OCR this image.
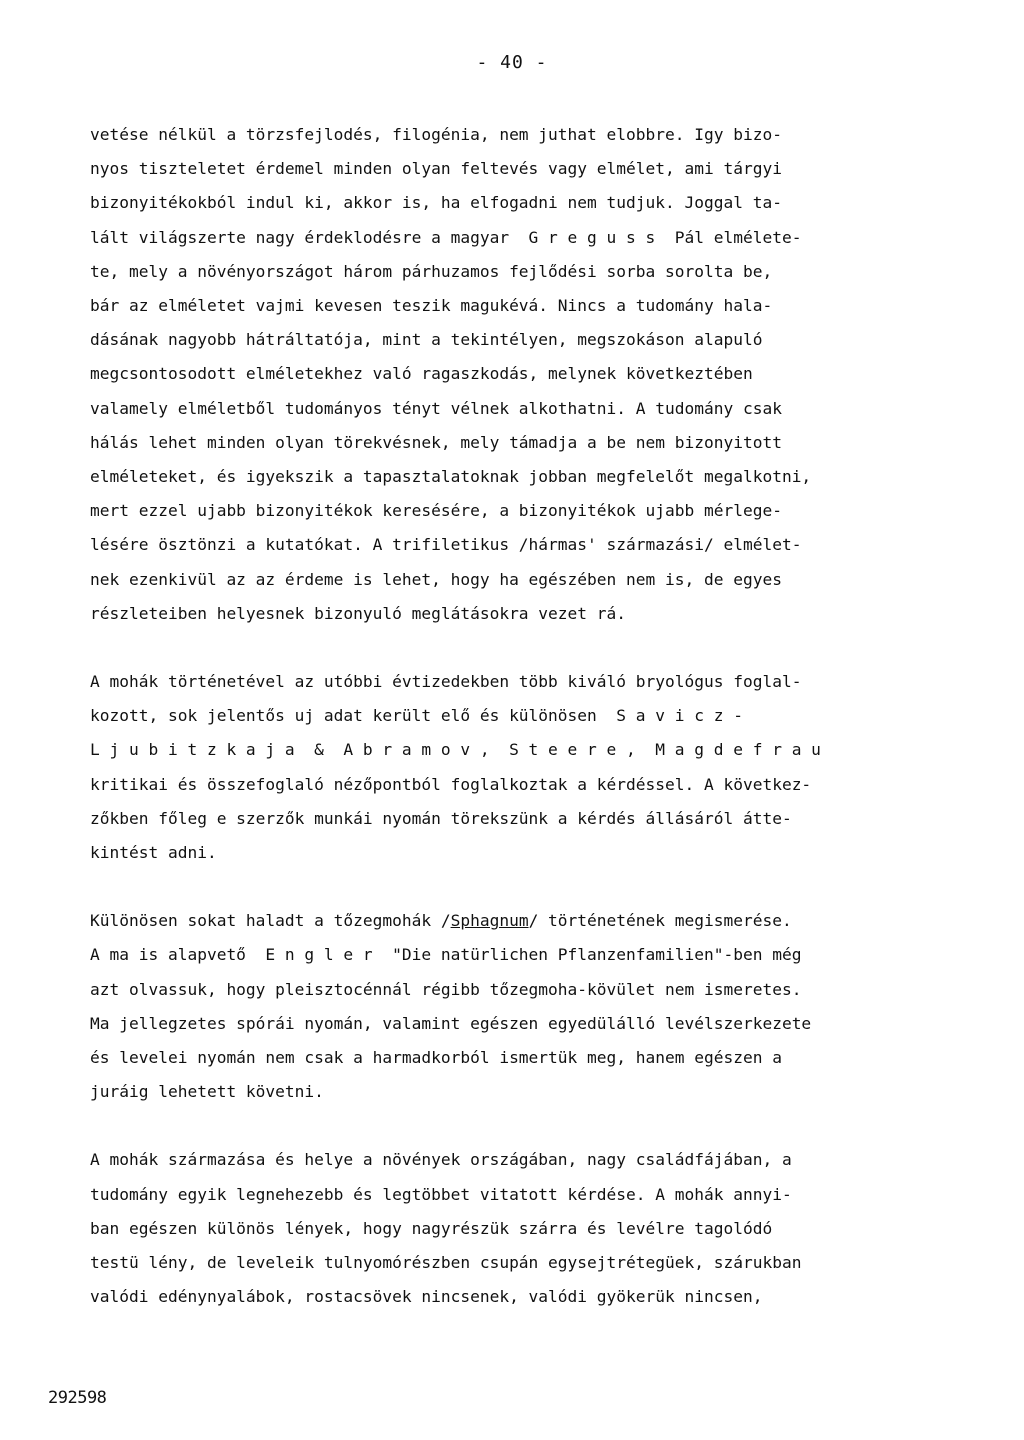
- 40 -

vetése nélkül a törzsfejlodés, filogénia, nem juthat elobbre. Igy bizo-
nyos tiszteletet érdemel minden olyan feltevés vagy elmélet, ami tárgyi
bizonyitékokból indul ki, akkor is, ha elfogadni nem tudjuk. Joggal ta-
lált világszerte nagy érdeklodésre a magyar  G r e g u s s  Pál elmélete-
te, mely a növényországot három párhuzamos fejlődési sorba sorolta be,
bár az elméletet vajmi kevesen teszik magukévá. Nincs a tudomány hala-
dásának nagyobb hátráltatója, mint a tekintélyen, megszokáson alapuló
megcsontosodott elméletekhez való ragaszkodás, melynek következtében
valamely elméletből tudományos tényt vélnek alkothatni. A tudomány csak
hálás lehet minden olyan törekvésnek, mely támadja a be nem bizonyitott
elméleteket, és igyekszik a tapasztalatoknak jobban megfelelőt megalkotni,
mert ezzel ujabb bizonyitékok keresésére, a bizonyitékok ujabb mérlege-
lésére ösztönzi a kutatókat. A trifiletikus /hármas' származási/ elmélet-
nek ezenkivül az az érdeme is lehet, hogy ha egészében nem is, de egyes
részleteiben helyesnek bizonyuló meglátásokra vezet rá.

A mohák történetével az utóbbi évtizedekben több kiváló bryológus foglal-
kozott, sok jelentős uj adat került elő és különösen  S a v i c z -
L j u b i t z k a j a  &  A b r a m o v ,  S t e e r e ,  M a g d e f r a u
kritikai és összefoglaló nézőpontból foglalkoztak a kérdéssel. A következ-
zőkben főleg e szerzők munkái nyomán törekszünk a kérdés állásáról átte-
kintést adni.

Különösen sokat haladt a tőzegmohák /Sphagnum/ történetének megismerése.
A ma is alapvető  E n g l e r  "Die natürlichen Pflanzenfamilien"-ben még
azt olvassuk, hogy pleisztocénnál régibb tőzegmoha-kövület nem ismeretes.
Ma jellegzetes spórái nyomán, valamint egészen egyedülálló levélszerkezete
és levelei nyomán nem csak a harmadkorból ismertük meg, hanem egészen a
juráig lehetett követni.

A mohák származása és helye a növények országában, nagy családfájában, a
tudomány egyik legnehezebb és legtöbbet vitatott kérdése. A mohák annyi-
ban egészen különös lények, hogy nagyrészük szárra és levélre tagolódó
testü lény, de leveleik tulnyomórészben csupán egysejtrétegüek, szárukban
valódi edénynyalábok, rostacsövek nincsenek, valódi gyökerük nincsen,

292598
